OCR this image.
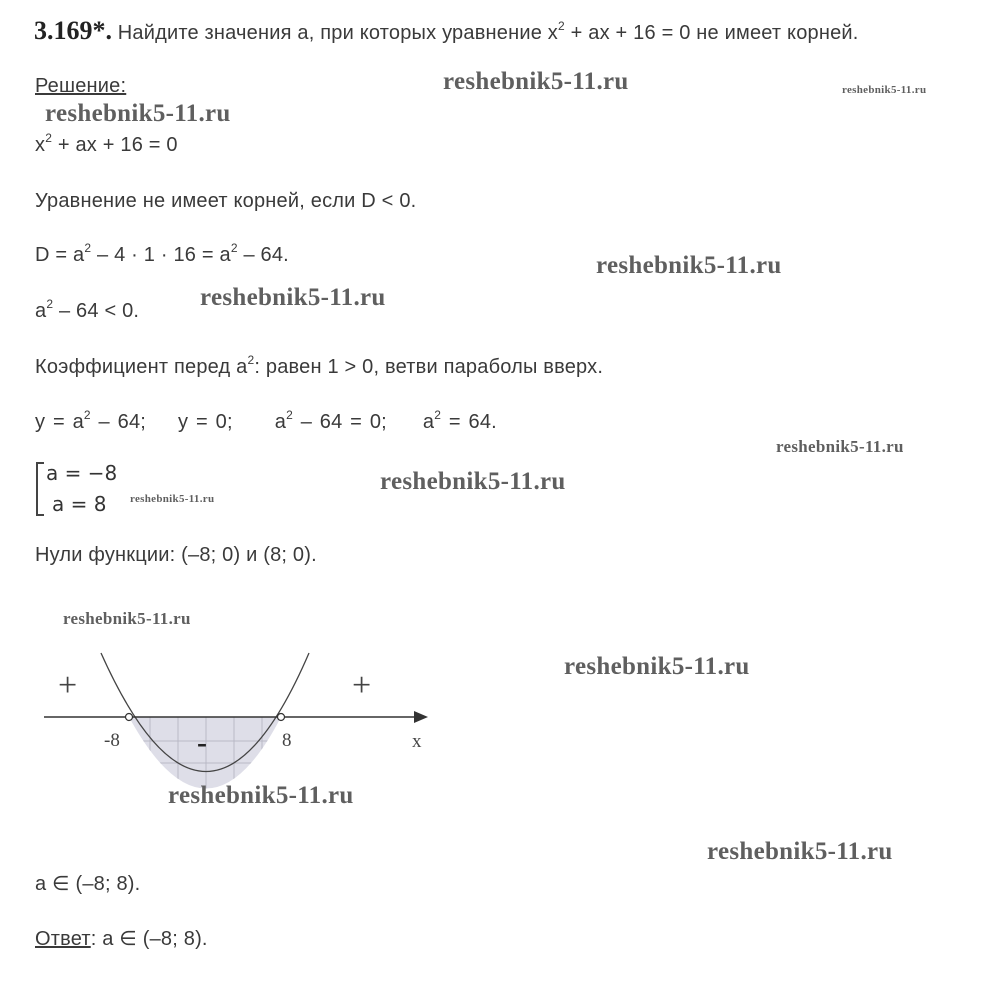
3.169*. Найдите значения a, при которых уравнение $x^2$ + ax + 16 = 0 не имеет корней.
Решение:
$x^2$ + ax + 16 = 0
Уравнение не имеет корней, если D < 0.
$D = a^2 - 4 \cdot 1 \cdot 16 = a^2 - 64$.
$a^2 - 64 < 0$.
Коэффициент перед $a^2$: равен 1 > 0, ветви параболы вверх.
$y = a^2 - 64$; y = 0; $a^2 - 64 = 0$; $a^2 = 64$.
a = −8
a = 8
Нули функции: (–8; 0) и (8; 0).
+	+
-
-8	8	x
a ∈ (–8; 8).
Ответ: a ∈ (–8; 8).
reshebnik5-11.ru	reshebnik5-11.ru
reshebnik5-11.ru
reshebnik5-11.ru
reshebnik5-11.ru
reshebnik5-11.ru
reshebnik5-11.ru
reshebnik5-11.ru
reshebnik5-11.ru
reshebnik5-11.ru
reshebnik5-11.ru
reshebnik5-11.ru
